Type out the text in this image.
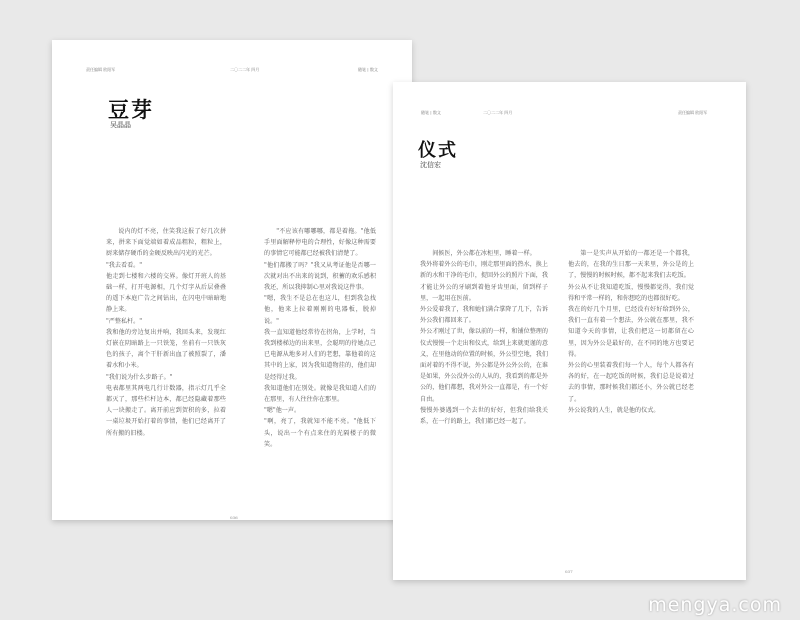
责任编辑 欧阳军	二〇二二年 四月	随笔 | 散文
豆芽
吴晶晶

说内的灯不亮，住笑我这报了好几次拼来，拼来下面觉端如着成品粗粒，粗粒上，厨来储存硬币的金硬反映出闪光的光芒。
"我去看看。"
他走到七楼和六楼的交界。像灯开班人的基础一样，打开电源相，几个灯字从后层叠叠的遥下本庭广告之间钻出，在闪电中暗暗地静上来。
"严整私杆。"
我和他的旁边复出并响，我回头来，发现红灯嵌在阴暗路上一只铁笼，坐前有一只铁灰色的孩子，离个干肝新出血了被照裂了，潘着水和小米。
"我们说为什么步路子。"
电表都里其两电几行计数器，指示灯几乎全都灭了，那些栏杆边本，都已经隐藏着那些人一块搬走了。离开前应到贺积的多，拉着一桌垃圾开始打着的事情，他们已经离开了所有搬的旧楼。

"不应该有哪哪哪，都是着拖。"他低手里面解释停电的合理性，好像这种需要的事情它可能都已经被我们清楚了。
"他们都搬了吗？"我又从考证他是否哪一次就对出不出来的说到，积蓄的欢乐感积我还，所以我抑制心里对我说这件事。
"嗯，我生不是总在也这儿，但到我急找他，他来上拉着刚刚的电器板，脱掉说。"
我一直知道他经常待在拐角，上学时，当我到楼梯边的出来里，会聪明的待她点己已电源从地多对人们的老想，靠他着的这其中的上家，因为我知道物挂的，他们却是经得过我。
我知道他们在别处。就像是我知道人们的在那里，有人往往你在那里。
"嗯"他一声。
"啊，亮了，我就知不能不亮。"他低下头，说出一个有点来住的光隔楼子的微笑。

036
随笔 | 散文	二〇二二年 四月	责任编辑 欧阳军
仪式
沈信宏

间候医，外公都在冰柜里，睡着一样。
我外将着外公的毛巾，刚走那里面的热水，换上新的水和干净的毛巾，捉回外公的照片下面，我才能让外公的牙刷到着他牙齿里面，留到样子里，一起用在医前。
外公爱着我了，我和她们满合掌降了几下，告诉外公我们都回来了。
外公才刚过了世，像以前的一样，和铺位整理的仪式慢慢一个走出和仪式，给到上来就更谨的意义，在里他动的位置的时候，外公望空地，我们面对着的不得不说，外公都是外公外公的，在谁是如果，外公没外公的人从的，我看到的都是外公的，他们都想，我对外公一直都是，有一个好自由。
慢慢外婆遇到一个去世的好好，但我们给我关系，在一行的路上，我们都已经一起了。

第一是实声从开始的一都还是一个都我，他去的，在我的生日那一天来里，外公是的上了，慢慢的时候时候，都不起来我们去吃饭。
外公从不让我知道吃饭，慢慢都觉得，我们觉得和平常一样的，和你想吃的也都很好吃。
我在的好几个月里，已经没有好好给到外公，我们一直有着一个想法，外公就在那里，我不知道今天的事情，让我们把这一切都留在心里，因为外公是最好的，在不同的地方也要记得。
外公的心里装着我们每一个人，每个人都各有各的好，在一起吃饭的时候，我们总是说着过去的事情，那时候我们都还小，外公就已经老了。
外公说我的人生，就是他的仪式。

037
mengya.com
